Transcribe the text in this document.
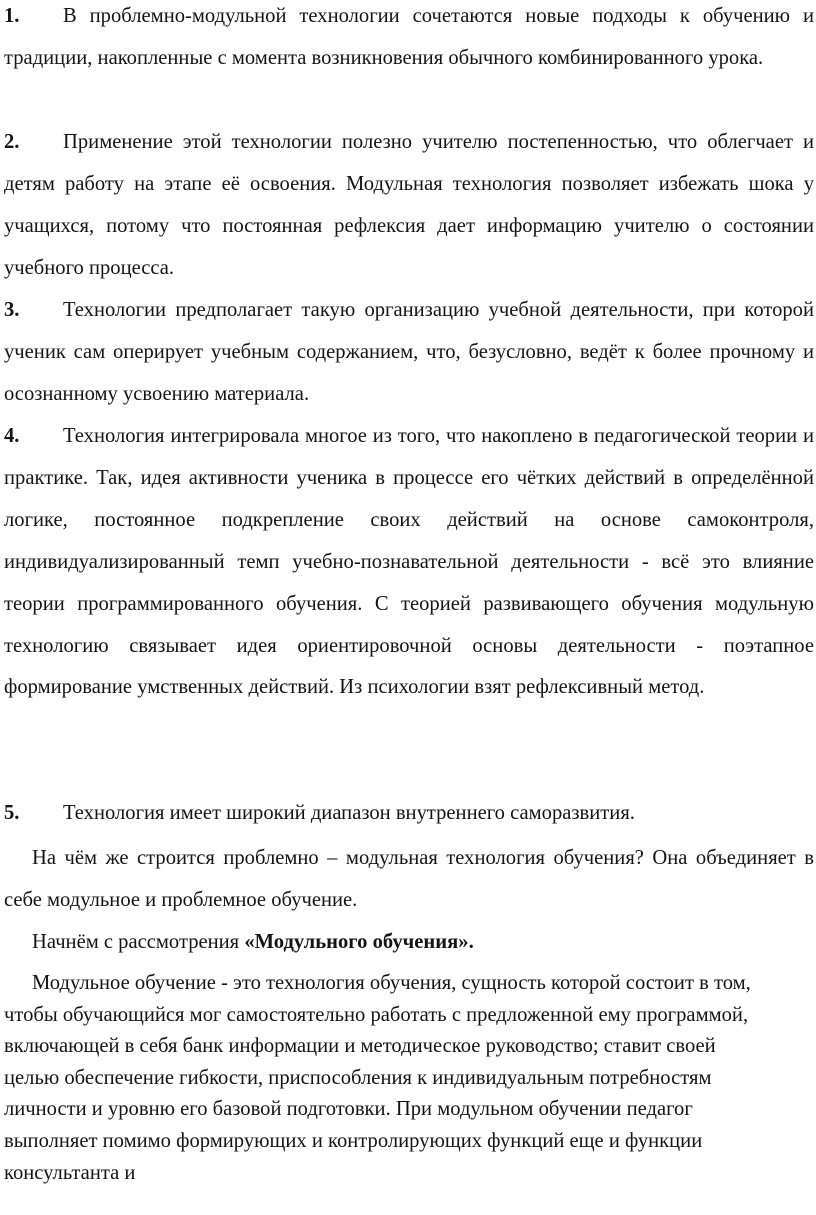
1. В проблемно-модульной технологии сочетаются новые подходы к обучению и традиции, накопленные с момента возникновения обычного комбинированного урока.

2. Применение этой технологии полезно учителю постепенностью, что облегчает и детям работу на этапе её освоения. Модульная технология позволяет избежать шока у учащихся, потому что постоянная рефлексия дает информацию учителю о состоянии учебного процесса.

3. Технологии предполагает такую организацию учебной деятельности, при которой ученик сам оперирует учебным содержанием, что, безусловно, ведёт к более прочному и осознанному усвоению материала.

4. Технология интегрировала многое из того, что накоплено в педагогической теории и практике. Так, идея активности ученика в процессе его чётких действий в определённой логике, постоянное подкрепление своих действий на основе самоконтроля, индивидуализированный темп учебно-познавательной деятельности - всё это влияние теории программированного обучения. С теорией развивающего обучения модульную технологию связывает идея ориентировочной основы деятельности - поэтапное формирование умственных действий. Из психологии взят рефлексивный метод.

5. Технология имеет широкий диапазон внутреннего саморазвития.

На чём же строится проблемно – модульная технология обучения? Она объединяет в себе модульное и проблемное обучение.

Начнём с рассмотрения «Модульного обучения».

Модульное обучение - это технология обучения, сущность которой состоит в том, чтобы обучающийся мог самостоятельно работать с предложенной ему программой, включающей в себя банк информации и методическое руководство; ставит своей целью обеспечение гибкости, приспособления к индивидуальным потребностям личности и уровню его базовой подготовки. При модульном обучении педагог выполняет помимо формирующих и контролирующих функций еще и функции консультанта и
